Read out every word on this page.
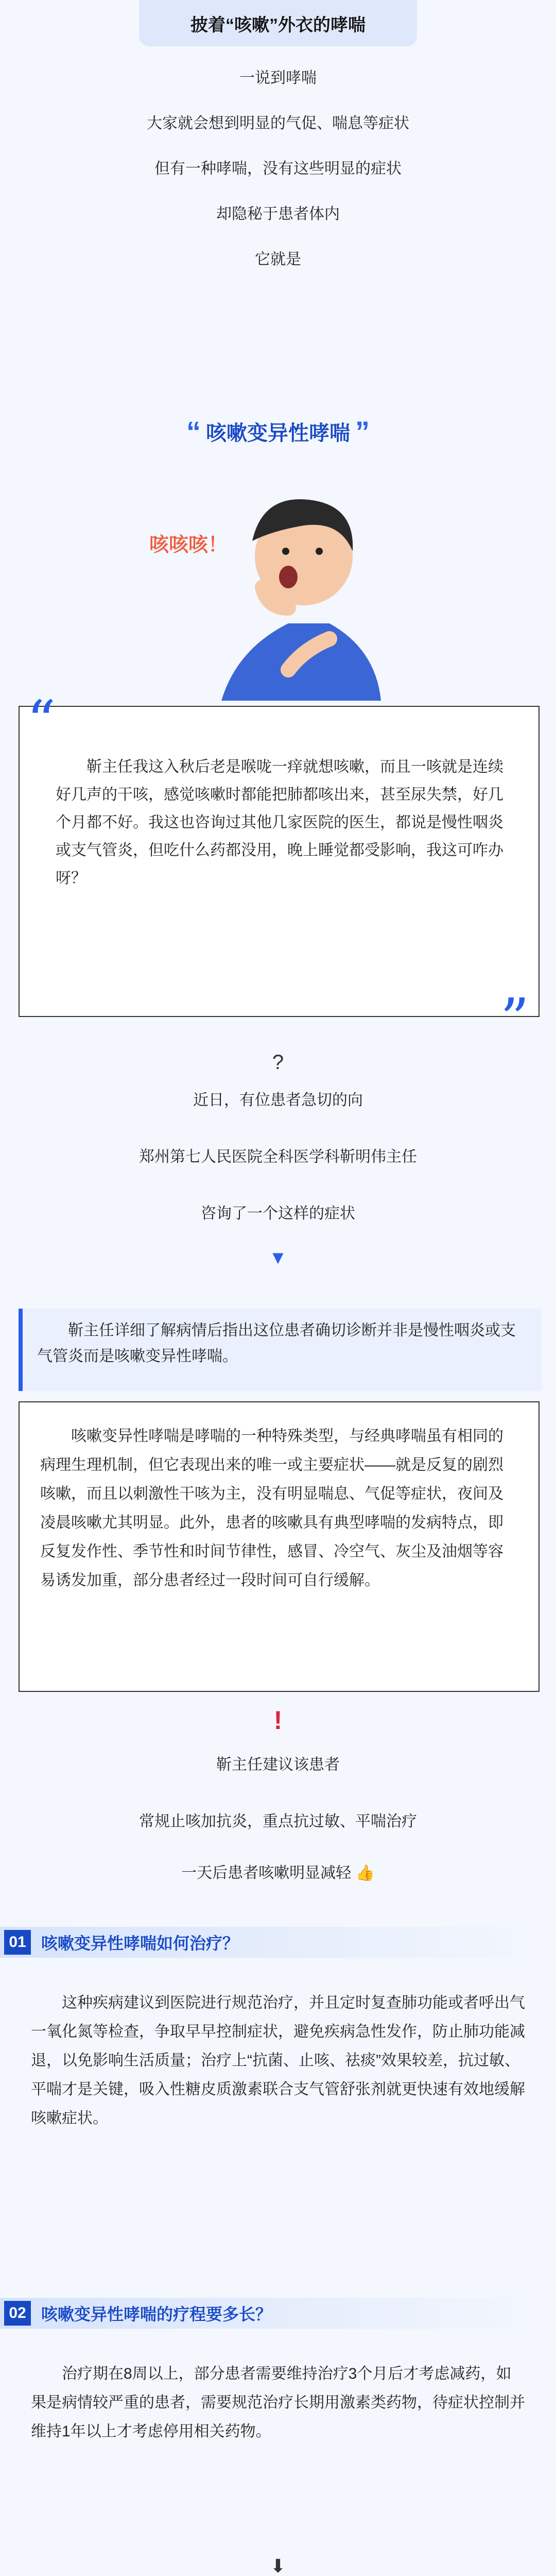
披着“咳嗽”外衣的哮喘
一说到哮喘
大家就会想到明显的气促、喘息等症状
但有一种哮喘，没有这些明显的症状
却隐秘于患者体内
它就是
“ 咳嗽变异性哮喘 ”
咳咳咳！
“
靳主任我这入秋后老是喉咙一痒就想咳嗽，而且一咳就是连续好几声的干咳，感觉咳嗽时都能把肺都咳出来，甚至尿失禁，好几个月都不好。我这也咨询过其他几家医院的医生，都说是慢性咽炎或支气管炎，但吃什么药都没用，晚上睡觉都受影响，我这可咋办呀？
”
?
近日，有位患者急切的向
郑州第七人民医院全科医学科靳明伟主任
咨询了一个这样的症状
▼
靳主任详细了解病情后指出这位患者确切诊断并非是慢性咽炎或支气管炎而是咳嗽变异性哮喘。
咳嗽变异性哮喘是哮喘的一种特殊类型，与经典哮喘虽有相同的病理生理机制，但它表现出来的唯一或主要症状——就是反复的剧烈咳嗽，而且以刺激性干咳为主，没有明显喘息、气促等症状，夜间及凌晨咳嗽尤其明显。此外，患者的咳嗽具有典型哮喘的发病特点，即反复发作性、季节性和时间节律性，感冒、冷空气、灰尘及油烟等容易诱发加重，部分患者经过一段时间可自行缓解。
!
靳主任建议该患者
常规止咳加抗炎，重点抗过敏、平喘治疗
一天后患者咳嗽明显减轻 👍
01 咳嗽变异性哮喘如何治疗？
这种疾病建议到医院进行规范治疗，并且定时复查肺功能或者呼出气一氧化氮等检查，争取早早控制症状，避免疾病急性发作，防止肺功能减退，以免影响生活质量；治疗上“抗菌、止咳、祛痰”效果较差，抗过敏、平喘才是关键，吸入性糖皮质激素联合支气管舒张剂就更快速有效地缓解咳嗽症状。
02 咳嗽变异性哮喘的疗程要多长？
治疗期在8周以上，部分患者需要维持治疗3个月后才考虑减药，如果是病情较严重的患者，需要规范治疗长期用激素类药物，待症状控制并维持1年以上才考虑停用相关药物。
⬇
